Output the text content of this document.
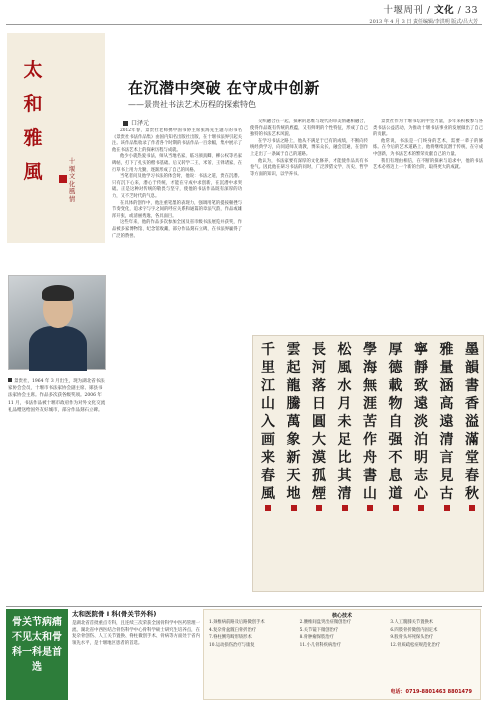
十堰周刊 / 文化 / 33
2013 年 4 月 3 日 责任编辑/李洪明 版式/吕大芳
太
和
雅
風	十
堰
文
化
風
情
在沉潜中突破 在守成中创新
——景贵社书法艺术历程的探索特色
口泽元

2012年春，景贵社老师携中国书协主席张海先生题写的书名《景贵社书法作品集》由国内知名出版社出版，在十堰书法界引起关注。该作品集收录了作者各个时期的书法作品一百余幅，集中展示了他在书法艺术上的探索历程与成就。

他少小就热爱书法，师从当地名家，临习颜真卿、柳公权等名家碑帖，打下了扎实的楷书基础。后又转学二王、米芾、王铎诸家，在行草书上用力尤勤，逐渐形成了自己的风格。

当笔者问及他学习书法的体会时，他说：书法之道，贵在沉潜。只有沉下心来，潜心于传统，才能在守成中求创新，在沉潜中求突破。正是这种对传统的敬畏与坚守，使他的书法作品既有深厚的功力，又不乏时代的气息。

在具体的创作中，他注重笔墨的表现力，强调用笔的提按顿挫与节奏变化，追求字与字之间的呼应关系和通篇的章法气韵，作品或雄浑开张，或清丽秀逸，各具面目。

这些年来，他的作品多次参加全国及省市级书法展览并获奖，作品被多家博物馆、纪念馆收藏，部分作品刻石立碑，在书法界赢得了广泛的赞誉。

交织融合在一起，探索的思维与现代的审美情趣相融合，使得作品既有传统的底蕴，又有鲜明的个性特征，形成了自己独特的书法艺术风貌。

在学习书法之路上，他从不满足于已有的成绩，不断向传统经典学习，向同道师友请教，博采众长，融会贯通，在创作上走出了一条属于自己的道路。

他认为，书法家要有深厚的文化修养，才能使作品具有书卷气。因此他在研习书法的同时，广泛涉猎文学、历史、哲学等方面的知识，以学养书。

景贵社作为十堰书坛的中坚力量，多年来积极参与各类书法公益活动，为推动十堰书法事业的发展做出了自己的贡献。

他常说，书法是一门终身的艺术，需要一辈子的修炼。在今后的艺术道路上，他将继续沉潜于传统，在守成中创新，为书法艺术的繁荣贡献自己的力量。

我们有理由相信，在不断的探索与追求中，他的书法艺术必将迈上一个新的台阶，取得更大的成就。

景贵社，1964 年 3 月出生，现为湖北省书法家协会会员，十堰市书法家协会副主席、郧县书法家协会主席。作品多次获各级奖项。2006 年 11 月，书法作品被十堰市政府作为对外文化交流礼品赠送给国外友好城市，部分作品刻石立碑。
千
里
江
山
入
画
来
春
風
雲
起
龍
騰
萬
象
新
天
地
長
河
落
日
圓
大
漠
孤
煙
松
風
水
月
未
足
比
其
清
學
海
無
涯
苦
作
舟
書
山
厚
德
載
物
自
强
不
息
道
寧
靜
致
遠
淡
泊
明
志
心
雅
量
涵
高
遠
清
言
見
古
墨
韻
書
香
溢
滿
堂
春
秋
骨关节病痛不见太和骨科一科是首选
太和医院骨 I 科(骨关节外科)
是湖北省首批重点专科，且连续三次荣获全国骨科学中医药管理一流、湖北省中西医结合骨伤科学中心骨科学硕士研究生培养点，在复杂骨创伤、人工关节置换、脊柱微创手术、骨病等方面处于省内领先水平，是十堰地区患者的首选。
核心技术
1.颈椎病前路及后路微创手术	2.腰椎间盘突出症微创治疗	3.人工髋膝关节置换术
4.复杂骨盆髋臼骨折治疗	5.关节镜下微创治疗	6.四肢骨折微创内固定术
7.脊柱侧弯畸形矫形术	8.骨肿瘤保肢治疗	9.股骨头坏死保头治疗
10.运动损伤治疗与康复	11.小儿骨科疾病治疗	12.骨质疏松症规范化治疗
电话：0719-8801463 8801479
